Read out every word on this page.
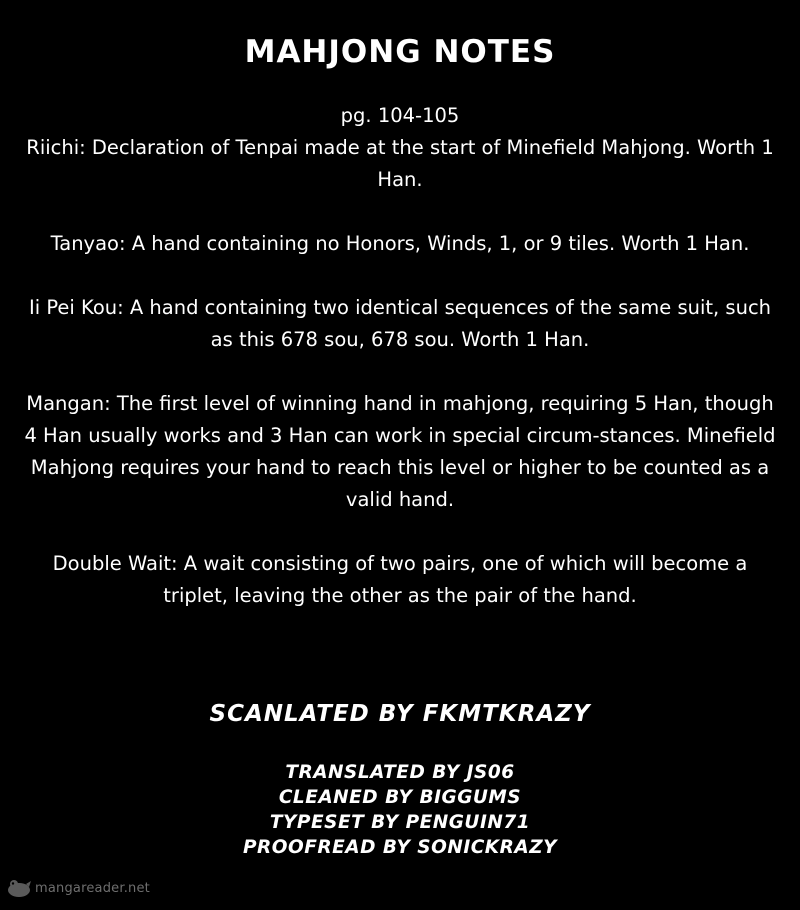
MAHJONG NOTES
pg. 104-105

Riichi: Declaration of Tenpai made at the start of Minefield Mahjong. Worth 1 Han.

Tanyao: A hand containing no Honors, Winds, 1, or 9 tiles. Worth 1 Han.

Ii Pei Kou: A hand containing two identical sequences of the same suit, such as this 678 sou, 678 sou. Worth 1 Han.

Mangan: The first level of winning hand in mahjong, requiring 5 Han, though 4 Han usually works and 3 Han can work in special circum-stances. Minefield Mahjong requires your hand to reach this level or higher to be counted as a valid hand.

Double Wait: A wait consisting of two pairs, one of which will become a triplet, leaving the other as the pair of the hand.

SCANLATED BY FKMTKRAZY
TRANSLATED BY JS06
CLEANED BY BIGGUMS
TYPESET BY PENGUIN71
PROOFREAD BY SONICKRAZY
mangareader.net
